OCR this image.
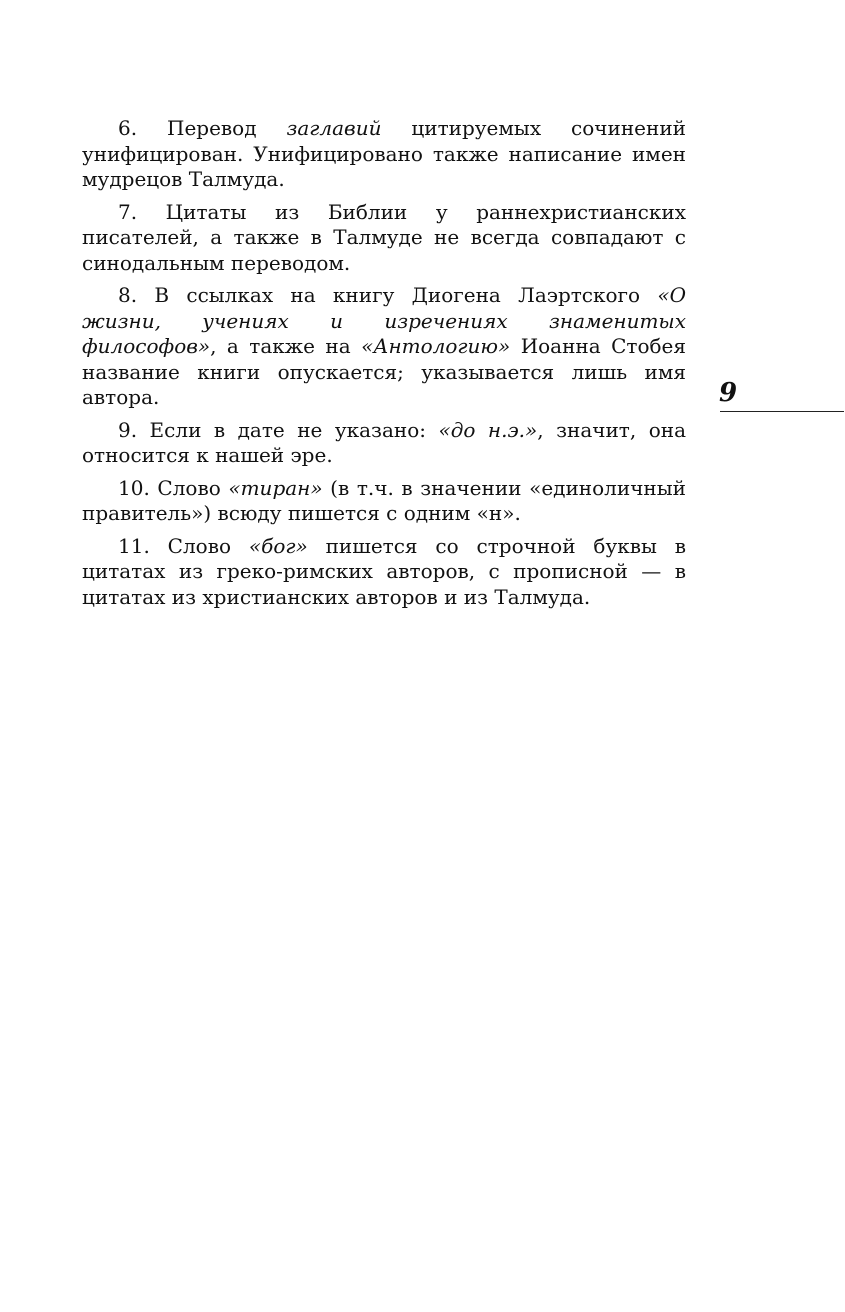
6. Перевод заглавий цитируемых сочинений унифицирован. Унифицировано также написание имен мудрецов Талмуда.

7. Цитаты из Библии у раннехристианских писателей, а также в Талмуде не всегда совпадают с синодальным переводом.

8. В ссылках на книгу Диогена Лаэртского «О жизни, учениях и изречениях знаменитых философов», а также на «Антологию» Иоанна Стобея название книги опускается; указывается лишь имя автора.

9. Если в дате не указано: «до н.э.», значит, она относится к нашей эре.

10. Слово «тиран» (в т.ч. в значении «единоличный правитель») всюду пишется с одним «н».

11. Слово «бог» пишется со строчной буквы в цитатах из греко-римских авторов, с прописной — в цитатах из христианских авторов и из Талмуда.

9
